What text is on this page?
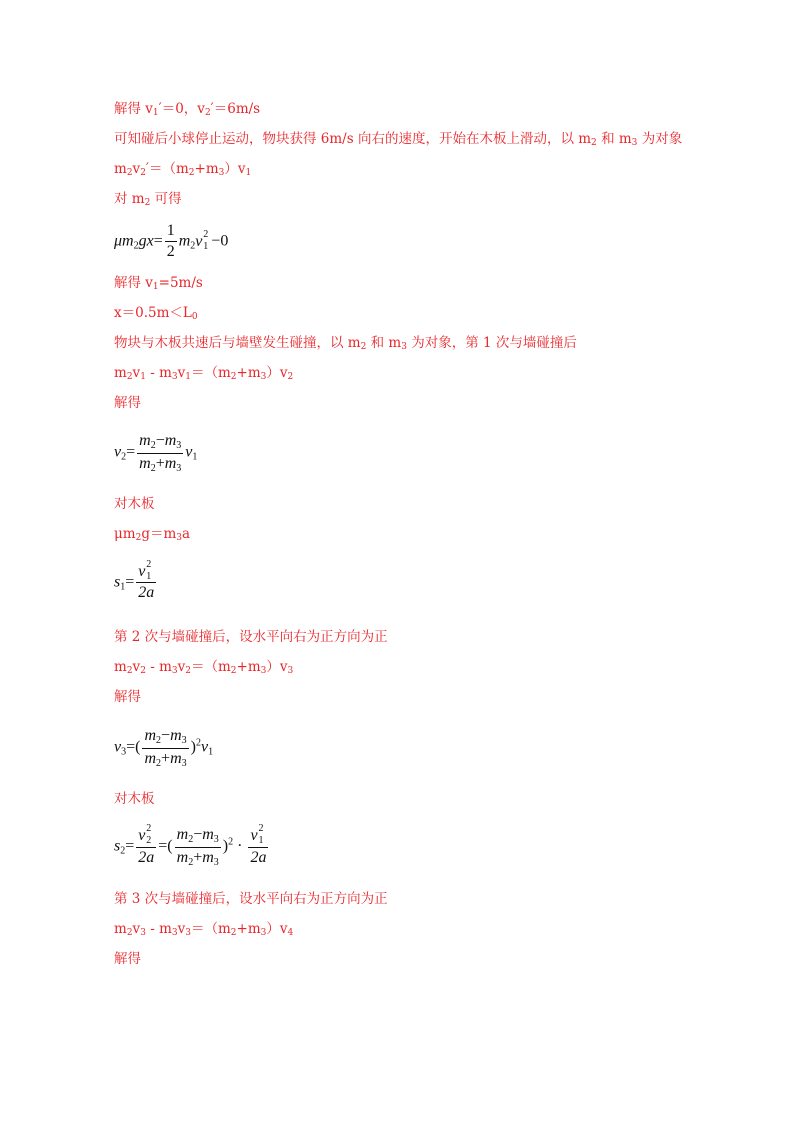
解得 $v_1'=0$，$v_2'=6m/s$
可知碰后小球停止运动，物块获得 6m/s 向右的速度，开始在木板上滑动，以 $m_2$ 和 $m_3$ 为对象
$m_2v_2'=(m_2+m_3)v_1$
对 $m_2$ 可得
$\mu m_2gx= \frac{1}{2} m_2v$ 2
1 −0
解得 $v_1=5m/s$
$x=0.5m<L_0$
物块与木板共速后与墙壁发生碰撞，以 $m_2$ 和 $m_3$ 为对象，第 1 次与墙碰撞后
$m_2v_1 - m_3v_1=(m_2+m_3)v_2$
解得
$v_2= \frac{m_2-m_3}{m_2+m_3} v_1$
对木板
$\mu m_2g=m_3a$
$s_1= v$ 2
1
2a
第 2 次与墙碰撞后，设水平向右为正方向为正
$m_2v_2 - m_3v_2=(m_2+m_3)v_3$
解得
$v_3=( \frac{m_2-m_3}{m_2+m_3} )^2v_1$
对木板
$s_2= v$ 2
2
2a =( $\frac{m_2-m_3}{m_2+m_3} )^2 \cdot v$ 2
1
2a
第 3 次与墙碰撞后，设水平向右为正方向为正
$m_2v_3 - m_3v_3=(m_2+m_3)v_4$
解得
